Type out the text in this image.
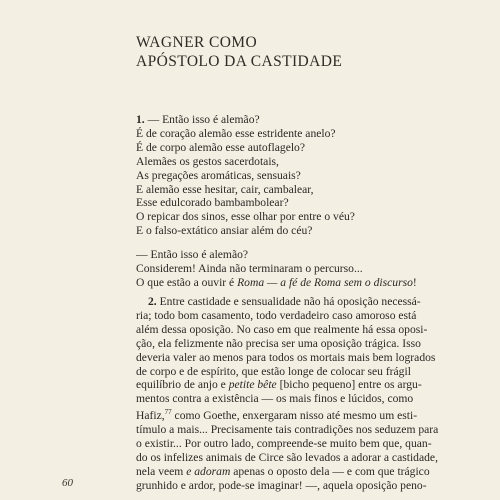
WAGNER COMO
APÓSTOLO DA CASTIDADE
1. — Então isso é alemão?
É de coração alemão esse estridente anelo?
É de corpo alemão esse autoflagelo?
Alemães os gestos sacerdotais,
As pregações aromáticas, sensuais?
E alemão esse hesitar, cair, cambalear,
Esse edulcorado bambambolear?
O repicar dos sinos, esse olhar por entre o véu?
E o falso-extático ansiar além do céu?
— Então isso é alemão?
Considerem! Ainda não terminaram o percurso...
O que estão a ouvir é Roma — a fé de Roma sem o discurso!
2. Entre castidade e sensualidade não há oposição necessá-
ria; todo bom casamento, todo verdadeiro caso amoroso está
além dessa oposição. No caso em que realmente há essa oposi-
ção, ela felizmente não precisa ser uma oposição trágica. Isso
deveria valer ao menos para todos os mortais mais bem logrados
de corpo e de espírito, que estão longe de colocar seu frágil
equilíbrio de anjo e petite bête [bicho pequeno] entre os argu-
mentos contra a existência — os mais finos e lúcidos, como
Hafiz,$^{77}$ como Goethe, enxergaram nisso até mesmo um esti-
tímulo a mais... Precisamente tais contradições nos seduzem para
o existir... Por outro lado, compreende-se muito bem que, quan-
do os infelizes animais de Circe são levados a adorar a castidade,
nela veem e adoram apenas o oposto dela — e com que trágico
grunhido e ardor, pode-se imaginar! —, aquela oposição peno-
60
